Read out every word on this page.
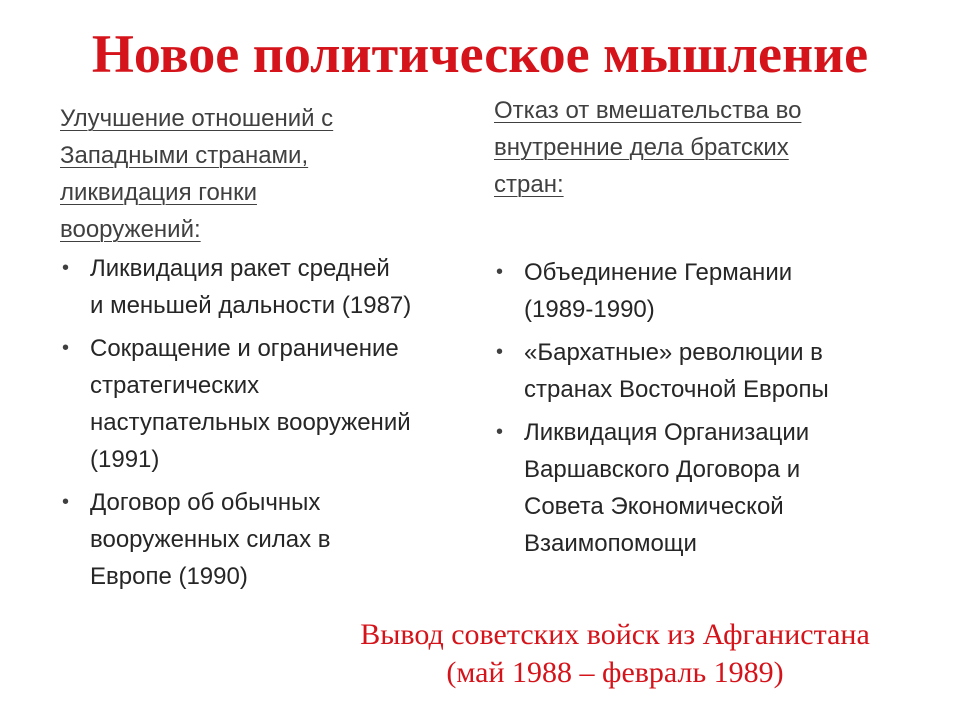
Новое политическое мышление
Улучшение отношений с
Западными странами,
ликвидация гонки
вооружений:
• Ликвидация ракет средней
и меньшей дальности (1987)
• Сокращение и ограничение
стратегических
наступательных вооружений
(1991)
• Договор об обычных
вооруженных силах в
Европе (1990)
Отказ от вмешательства во
внутренние дела братских
стран:
• Объединение Германии
(1989-1990)
• «Бархатные» революции в
странах Восточной Европы
• Ликвидация Организации
Варшавского Договора и
Совета Экономической
Взаимопомощи
Вывод советских войск из Афганистана
(май 1988 – февраль 1989)
